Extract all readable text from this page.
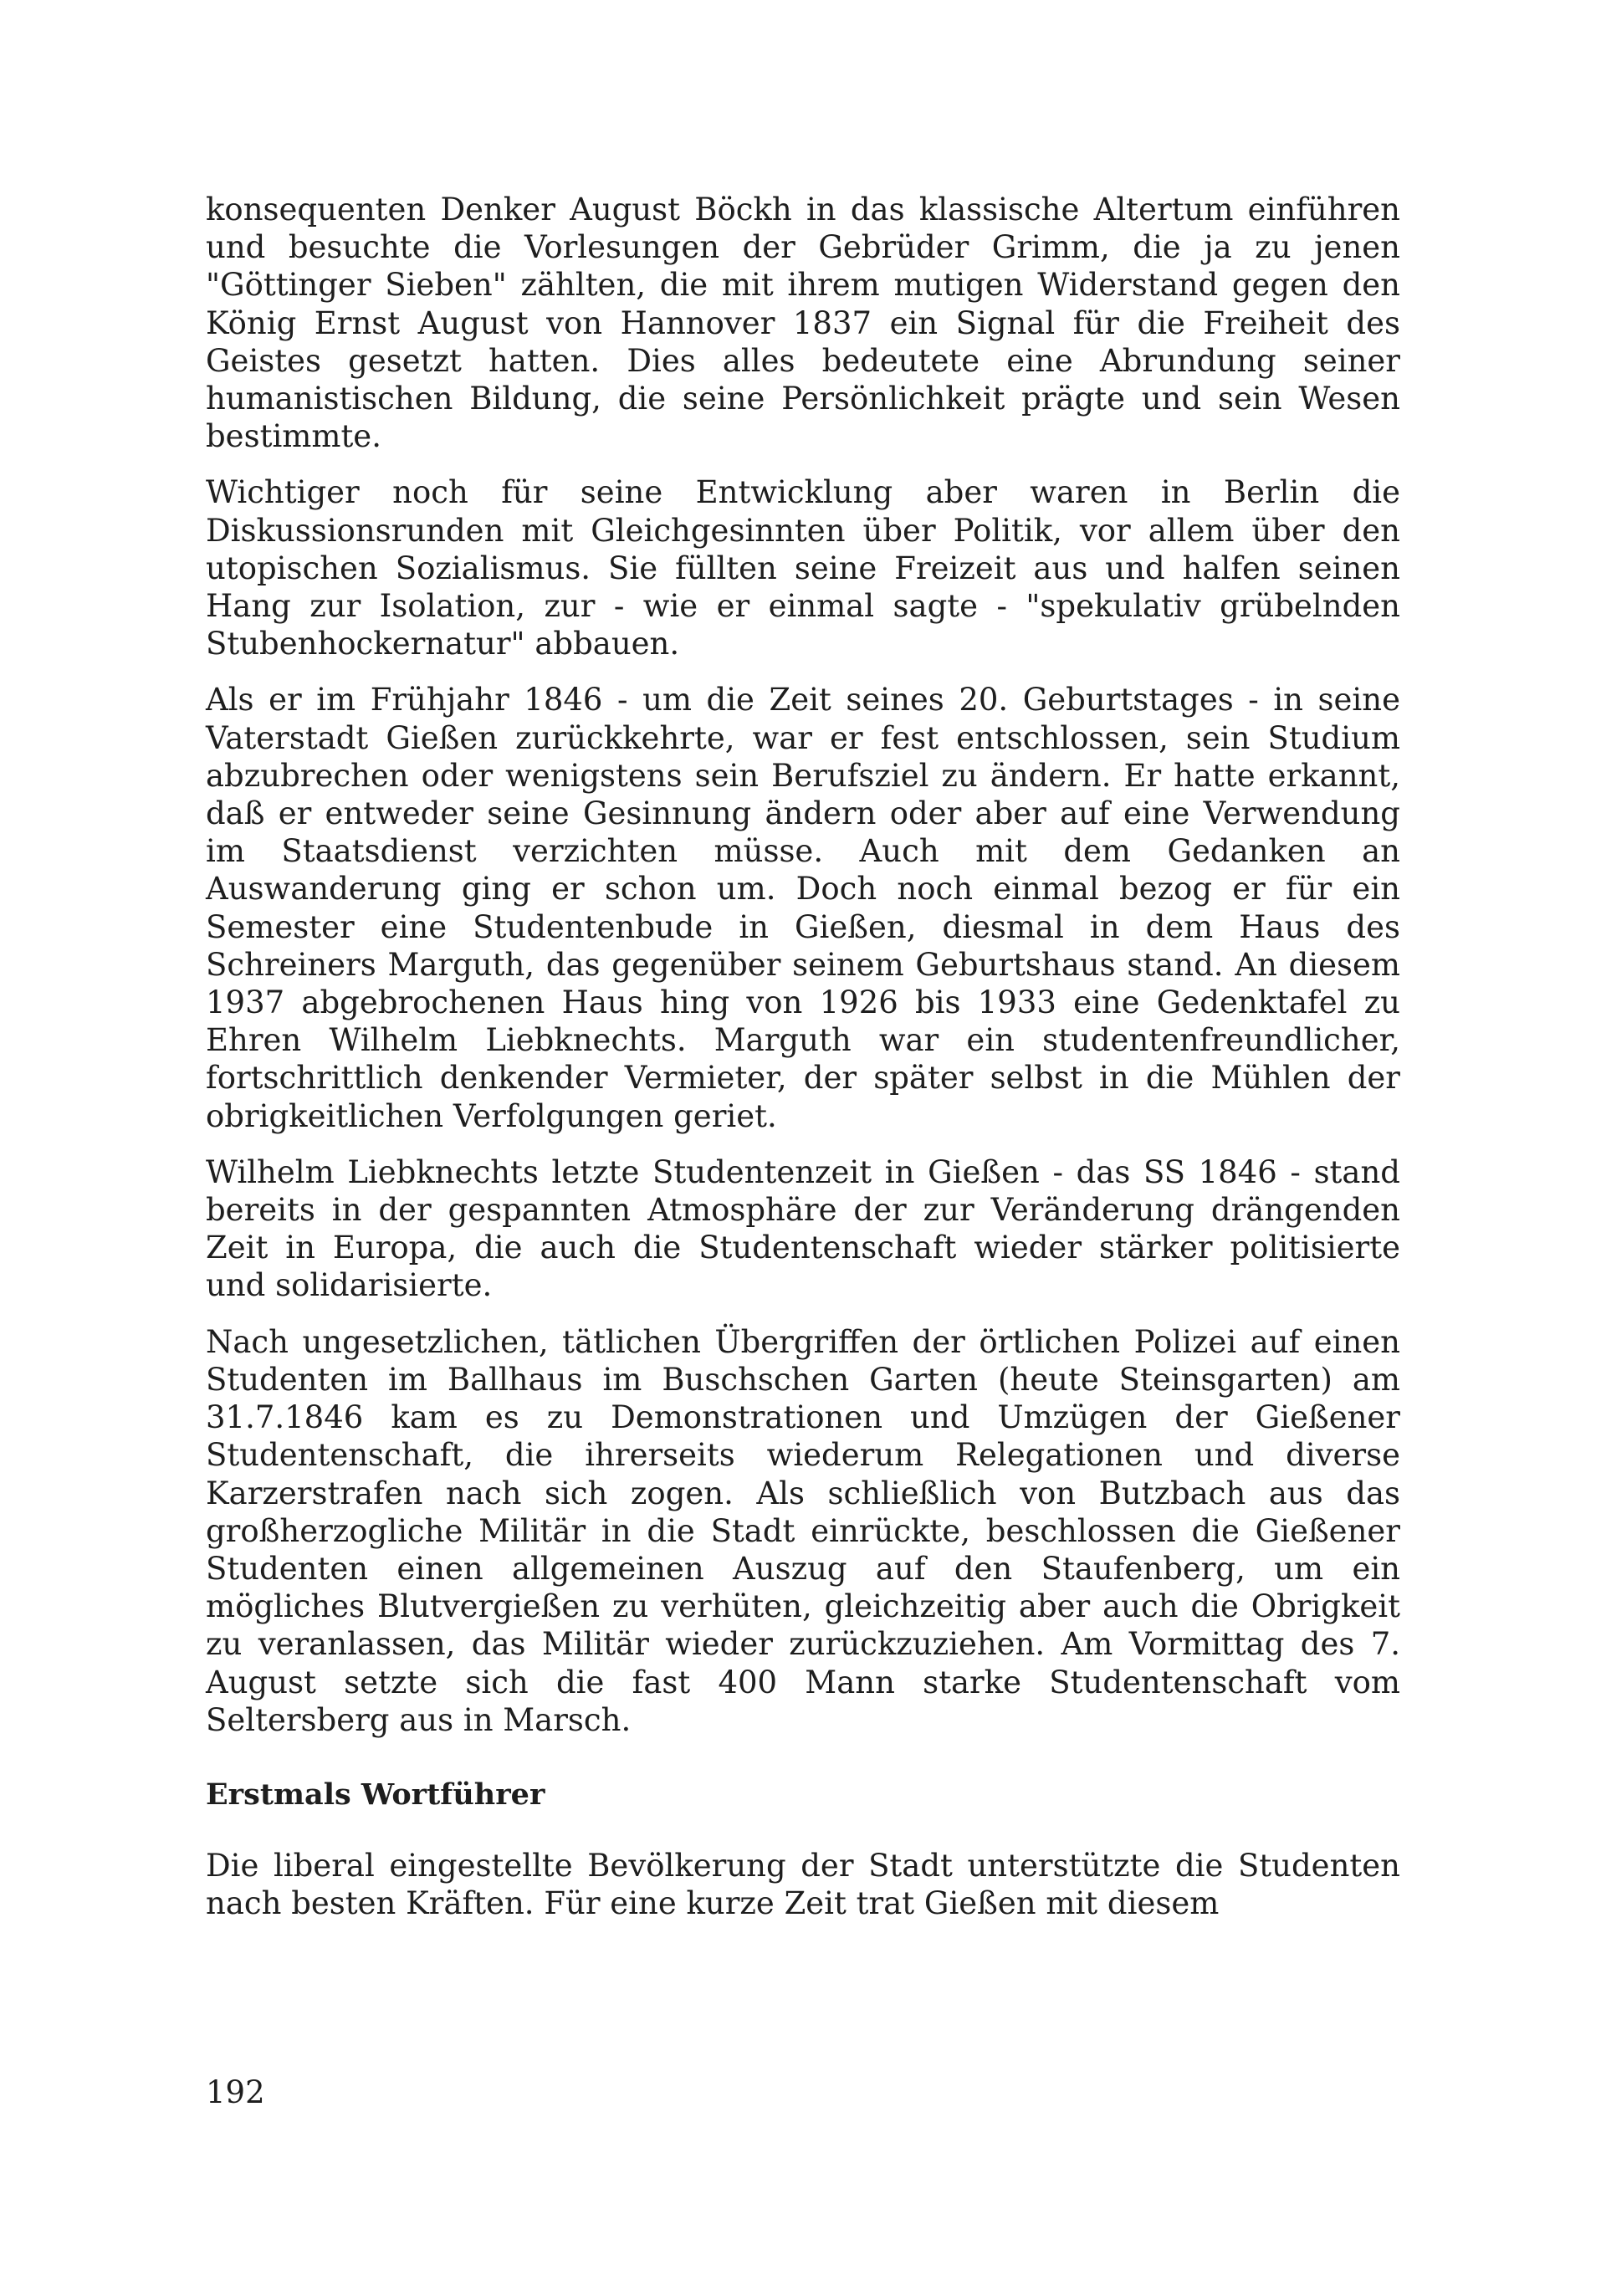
konsequenten Denker August Böckh in das klassische Altertum einführen und besuchte die Vorlesungen der Gebrüder Grimm, die ja zu jenen "Göttinger Sieben" zählten, die mit ihrem mutigen Widerstand gegen den König Ernst August von Hannover 1837 ein Signal für die Freiheit des Geistes gesetzt hatten. Dies alles bedeutete eine Abrundung seiner humanistischen Bildung, die seine Persönlichkeit prägte und sein Wesen bestimmte.

Wichtiger noch für seine Entwicklung aber waren in Berlin die Diskussionsrunden mit Gleichgesinnten über Politik, vor allem über den utopischen Sozialismus. Sie füllten seine Freizeit aus und halfen seinen Hang zur Isolation, zur - wie er einmal sagte - "spekulativ grübelnden Stubenhockernatur" abbauen.

Als er im Frühjahr 1846 - um die Zeit seines 20. Geburtstages - in seine Vaterstadt Gießen zurückkehrte, war er fest entschlossen, sein Studium abzubrechen oder wenigstens sein Berufsziel zu ändern. Er hatte erkannt, daß er entweder seine Gesinnung ändern oder aber auf eine Verwendung im Staatsdienst verzichten müsse. Auch mit dem Gedanken an Auswanderung ging er schon um. Doch noch einmal bezog er für ein Semester eine Studentenbude in Gießen, diesmal in dem Haus des Schreiners Marguth, das gegenüber seinem Geburtshaus stand. An diesem 1937 abgebrochenen Haus hing von 1926 bis 1933 eine Gedenktafel zu Ehren Wilhelm Liebknechts. Marguth war ein studentenfreundlicher, fortschrittlich denkender Vermieter, der später selbst in die Mühlen der obrigkeitlichen Verfolgungen geriet.

Wilhelm Liebknechts letzte Studentenzeit in Gießen - das SS 1846 - stand bereits in der gespannten Atmosphäre der zur Veränderung drängenden Zeit in Europa, die auch die Studentenschaft wieder stärker politisierte und solidarisierte.

Nach ungesetzlichen, tätlichen Übergriffen der örtlichen Polizei auf einen Studenten im Ballhaus im Buschschen Garten (heute Steinsgarten) am 31.7.1846 kam es zu Demonstrationen und Umzügen der Gießener Studentenschaft, die ihrerseits wiederum Relegationen und diverse Karzerstrafen nach sich zogen. Als schließlich von Butzbach aus das großherzogliche Militär in die Stadt einrückte, beschlossen die Gießener Studenten einen allgemeinen Auszug auf den Staufenberg, um ein mögliches Blutvergießen zu verhüten, gleichzeitig aber auch die Obrigkeit zu veranlassen, das Militär wieder zurückzuziehen. Am Vormittag des 7. August setzte sich die fast 400 Mann starke Studentenschaft vom Seltersberg aus in Marsch.

Erstmals Wortführer

Die liberal eingestellte Bevölkerung der Stadt unterstützte die Studenten nach besten Kräften. Für eine kurze Zeit trat Gießen mit diesem

192
